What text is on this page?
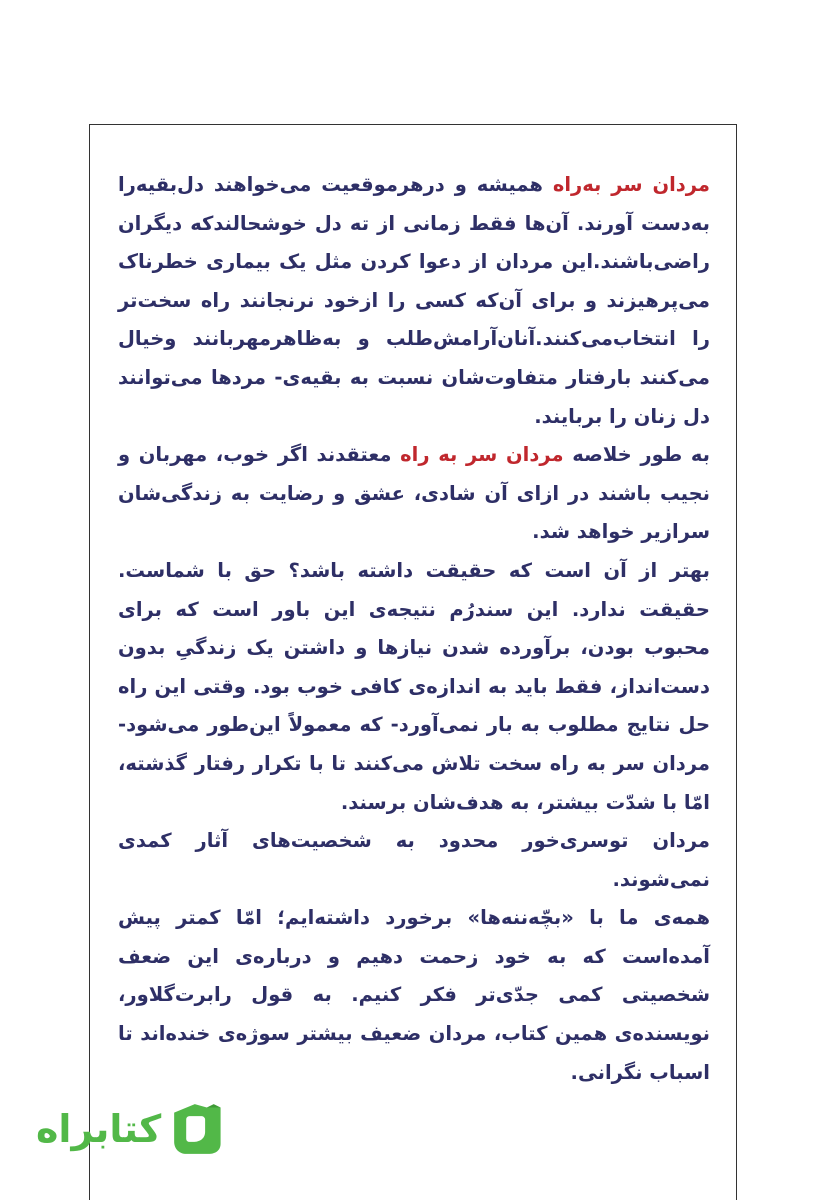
مردان سر به‌راه همیشه و درهرموقعیت می‌خواهند دل‌بقیه‌را به‌دست آورند. آن‌ها فقط زمانی از ته دل خوشحالندکه دیگران راضی‌باشند.این مردان از دعوا کردن مثل یک بیماری خطرناک می‌پرهیزند و برای آن‌که کسی را ازخود نرنجانند راه سخت‌تر را انتخاب‌می‌کنند.آنان‌آرامش‌طلب و به‌ظاهرمهربانند وخیال می‌کنند بارفتار متفاوت‌شان نسبت به بقیه‌ی- مردها می‌توانند دل زنان را بربایند.

به طور خلاصه مردان سر به راه معتقدند اگر خوب، مهربان و نجیب باشند در ازای آن شادی، عشق و رضایت به زندگی‌شان سرازیر خواهد شد.

بهتر از آن است که حقیقت داشته باشد؟ حق با شماست. حقیقت ندارد. این سندرُم نتیجه‌ی این باور است که برای محبوب بودن، برآورده شدن نیازها و داشتن یک زندگیِ بدون دست‌انداز، فقط باید به اندازه‌ی کافی خوب بود. وقتی این راه حل نتایج مطلوب به بار نمی‌آورد- که معمولاً این‌طور می‌شود- مردان سر به راه سخت تلاش می‌کنند تا با تکرار رفتار گذشته، امّا با شدّت بیشتر، به هدف‌شان برسند.

مردان توسری‌خور محدود به شخصیت‌های آثار کمدی نمی‌شوند.

همه‌ی ما با «بچّه‌ننه‌ها» برخورد داشته‌ایم؛ امّا کمتر پیش آمده‌است که به خود زحمت دهیم و درباره‌ی این ضعف شخصیتی کمی جدّی‌تر فکر کنیم. به قول رابرت‌گلاور، نویسنده‌ی همین کتاب، مردان ضعیف بیشتر سوژه‌ی خنده‌اند تا اسباب نگرانی.

کتابراه
